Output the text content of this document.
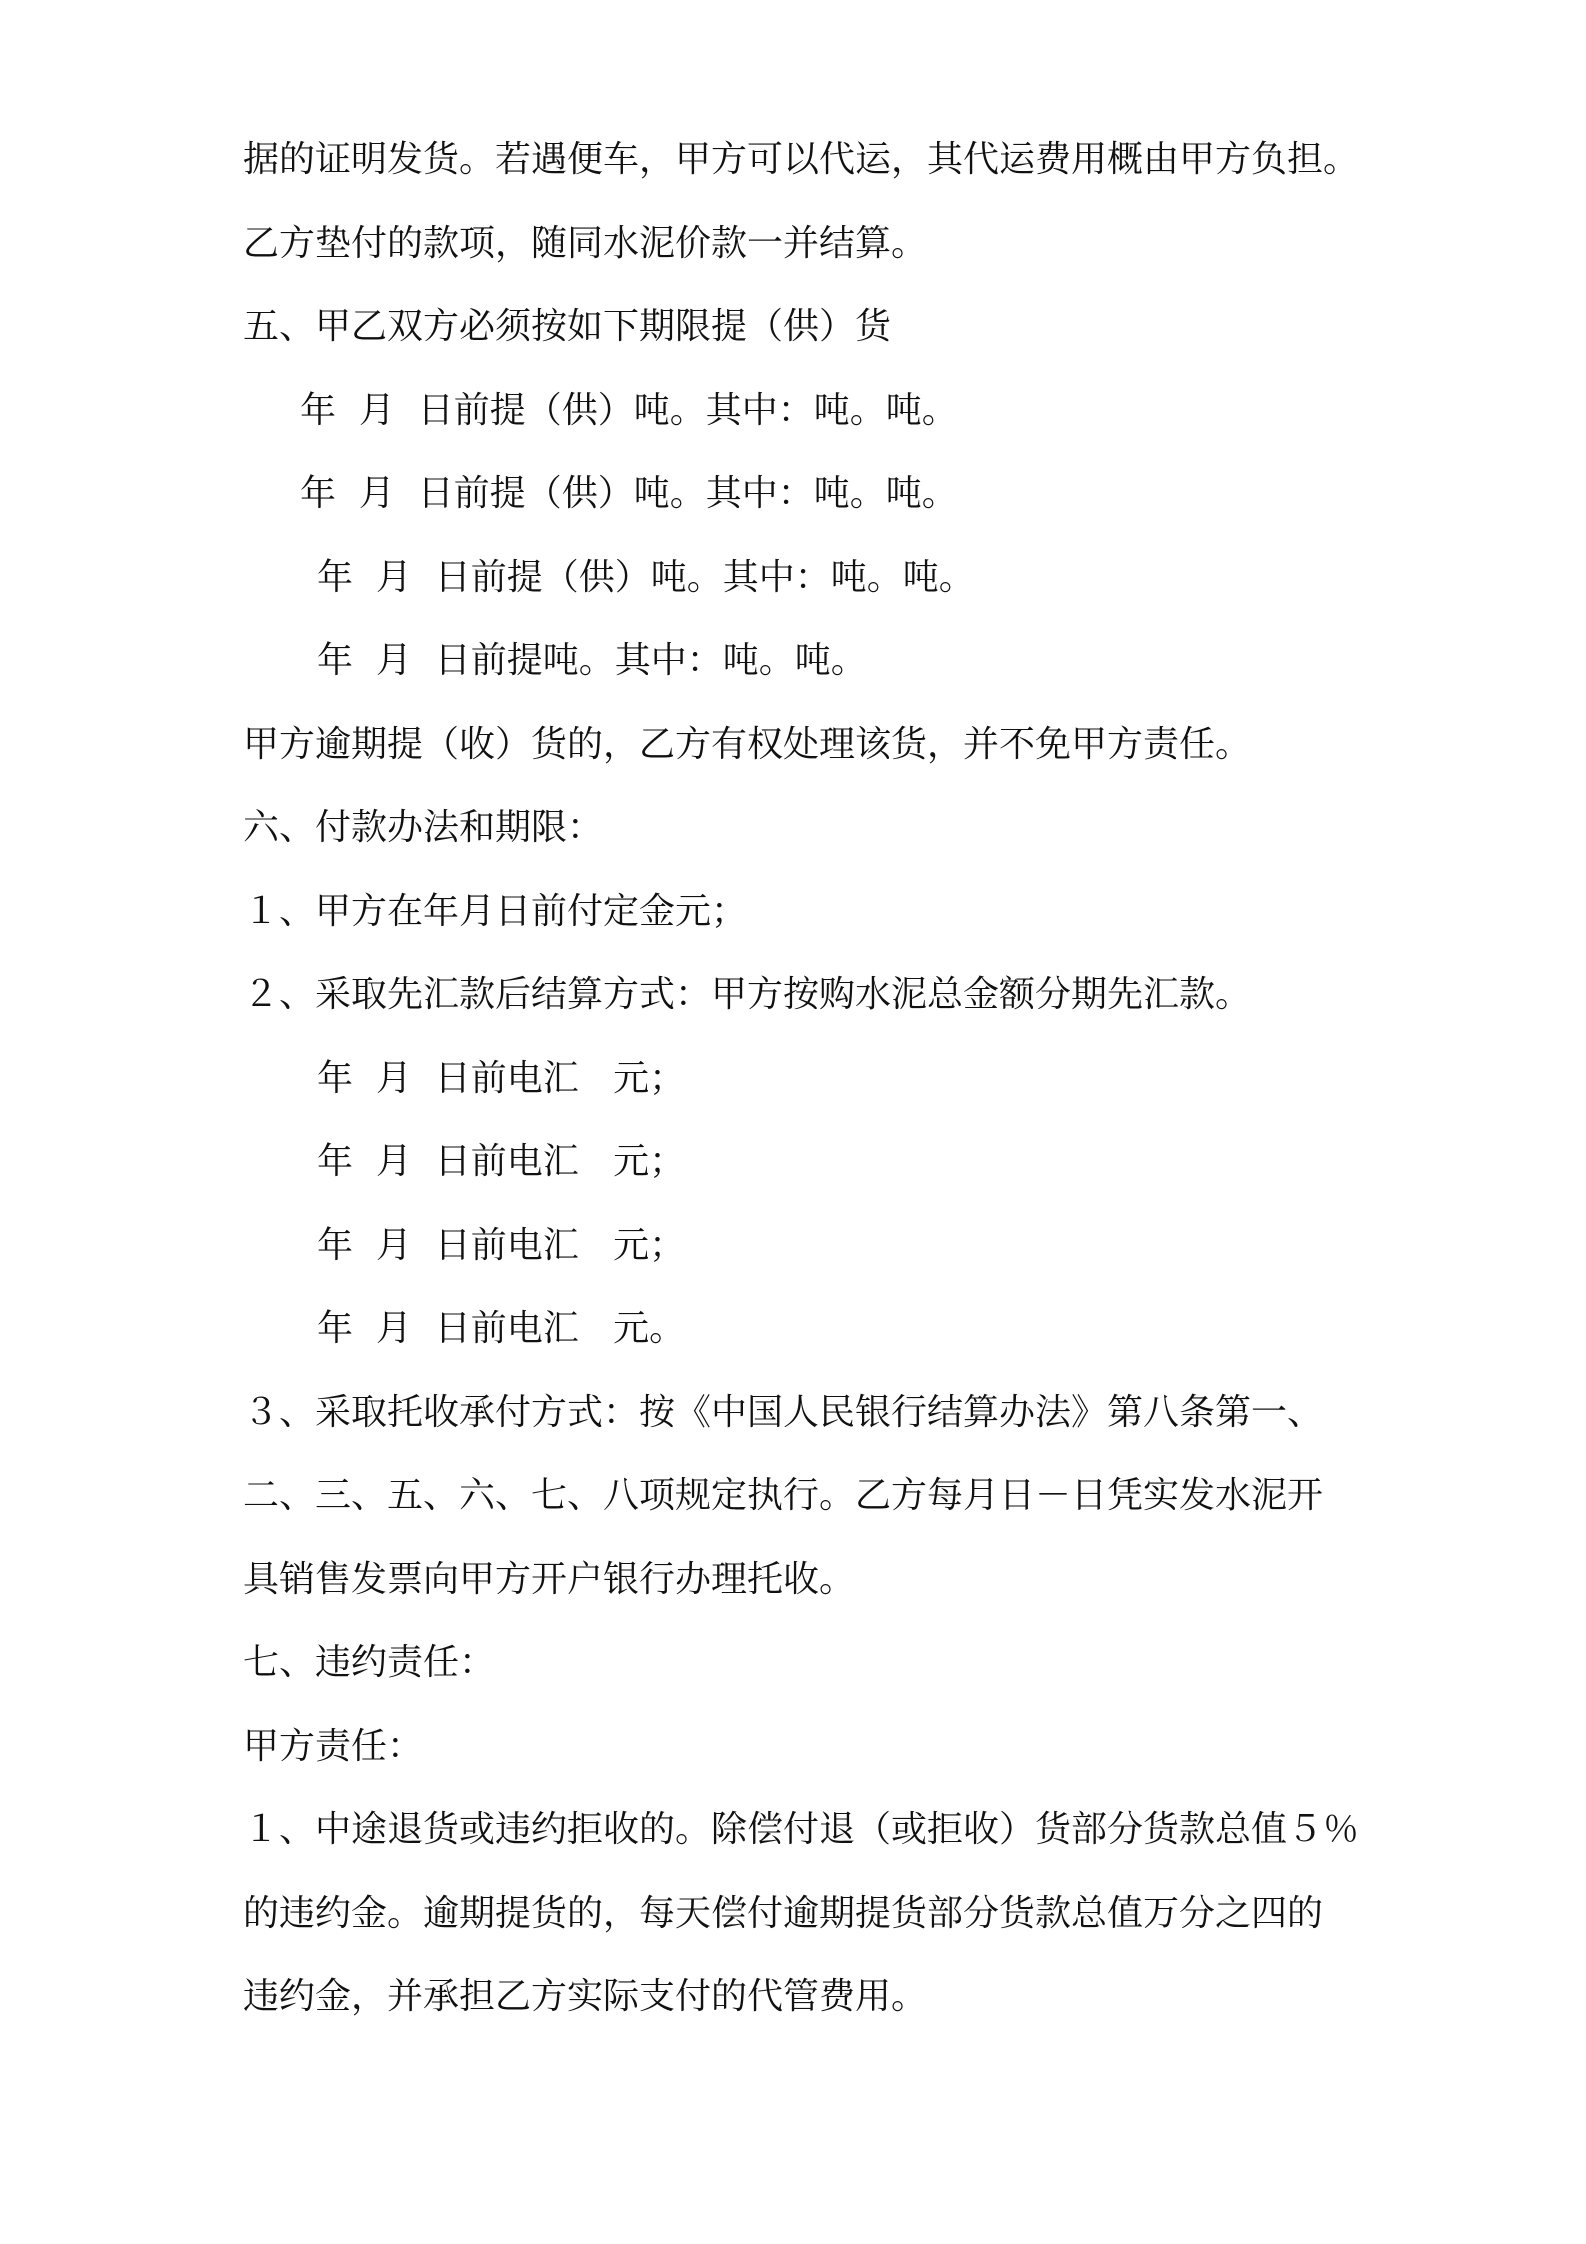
据的证明发货。若遇便车，甲方可以代运，其代运费用概由甲方负担。
乙方垫付的款项，随同水泥价款一并结算。
五、甲乙双方必须按如下期限提（供）货
年  月  日前提（供）吨。其中：吨。吨。
年  月  日前提（供）吨。其中：吨。吨。
年  月  日前提（供）吨。其中：吨。吨。
年  月  日前提吨。其中：吨。吨。
甲方逾期提（收）货的，乙方有权处理该货，并不免甲方责任。
六、付款办法和期限：
１、甲方在年月日前付定金元；
２、采取先汇款后结算方式：甲方按购水泥总金额分期先汇款。
年  月  日前电汇   元；
年  月  日前电汇   元；
年  月  日前电汇   元；
年  月  日前电汇   元。
３、采取托收承付方式：按《中国人民银行结算办法》第八条第一、
二、三、五、六、七、八项规定执行。乙方每月日－日凭实发水泥开
具销售发票向甲方开户银行办理托收。
七、违约责任：
甲方责任：
１、中途退货或违约拒收的。除偿付退（或拒收）货部分货款总值５％
的违约金。逾期提货的，每天偿付逾期提货部分货款总值万分之四的
违约金，并承担乙方实际支付的代管费用。
